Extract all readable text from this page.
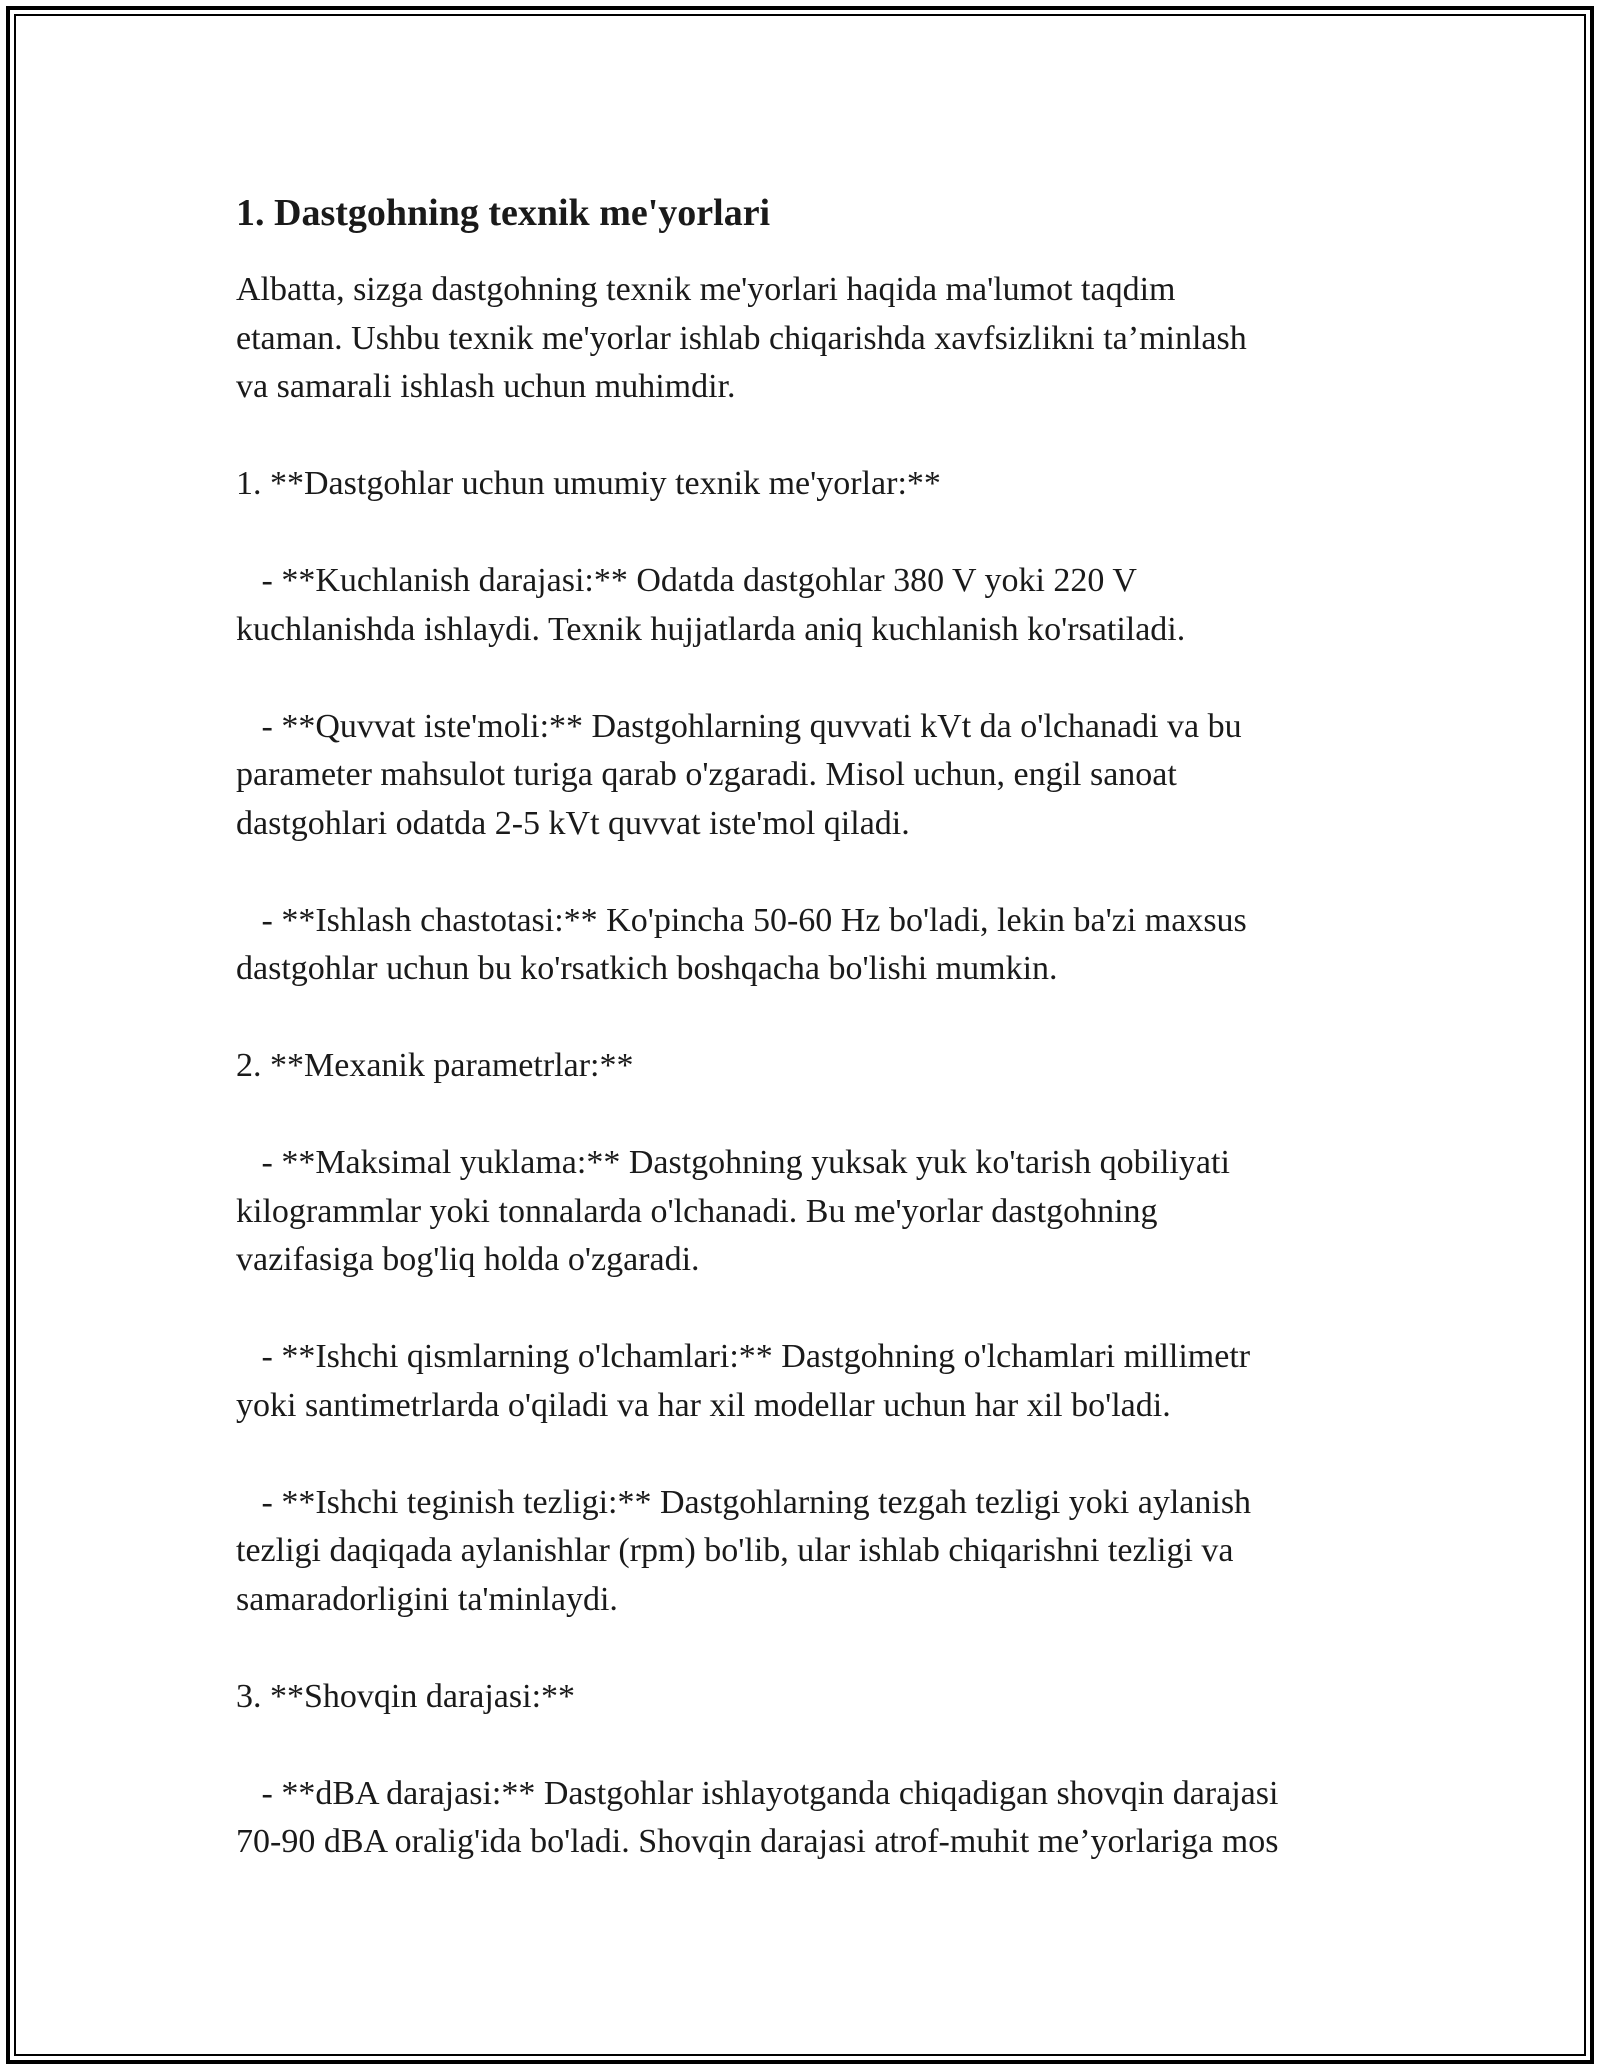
1. Dastgohning texnik me'yorlari

Albatta, sizga dastgohning texnik me'yorlari haqida ma'lumot taqdim
etaman. Ushbu texnik me'yorlar ishlab chiqarishda xavfsizlikni ta’minlash
va samarali ishlash uchun muhimdir.

1. **Dastgohlar uchun umumiy texnik me'yorlar:**

- **Kuchlanish darajasi:** Odatda dastgohlar 380 V yoki 220 V
kuchlanishda ishlaydi. Texnik hujjatlarda aniq kuchlanish ko'rsatiladi.

- **Quvvat iste'moli:** Dastgohlarning quvvati kVt da o'lchanadi va bu
parameter mahsulot turiga qarab o'zgaradi. Misol uchun, engil sanoat
dastgohlari odatda 2-5 kVt quvvat iste'mol qiladi.

- **Ishlash chastotasi:** Ko'pincha 50-60 Hz bo'ladi, lekin ba'zi maxsus
dastgohlar uchun bu ko'rsatkich boshqacha bo'lishi mumkin.

2. **Mexanik parametrlar:**

- **Maksimal yuklama:** Dastgohning yuksak yuk ko'tarish qobiliyati
kilogrammlar yoki tonnalarda o'lchanadi. Bu me'yorlar dastgohning
vazifasiga bog'liq holda o'zgaradi.

- **Ishchi qismlarning o'lchamlari:** Dastgohning o'lchamlari millimetr
yoki santimetrlarda o'qiladi va har xil modellar uchun har xil bo'ladi.

- **Ishchi teginish tezligi:** Dastgohlarning tezgah tezligi yoki aylanish
tezligi daqiqada aylanishlar (rpm) bo'lib, ular ishlab chiqarishni tezligi va
samaradorligini ta'minlaydi.

3. **Shovqin darajasi:**

- **dBA darajasi:** Dastgohlar ishlayotganda chiqadigan shovqin darajasi
70-90 dBA oralig'ida bo'ladi. Shovqin darajasi atrof-muhit me’yorlariga mos
